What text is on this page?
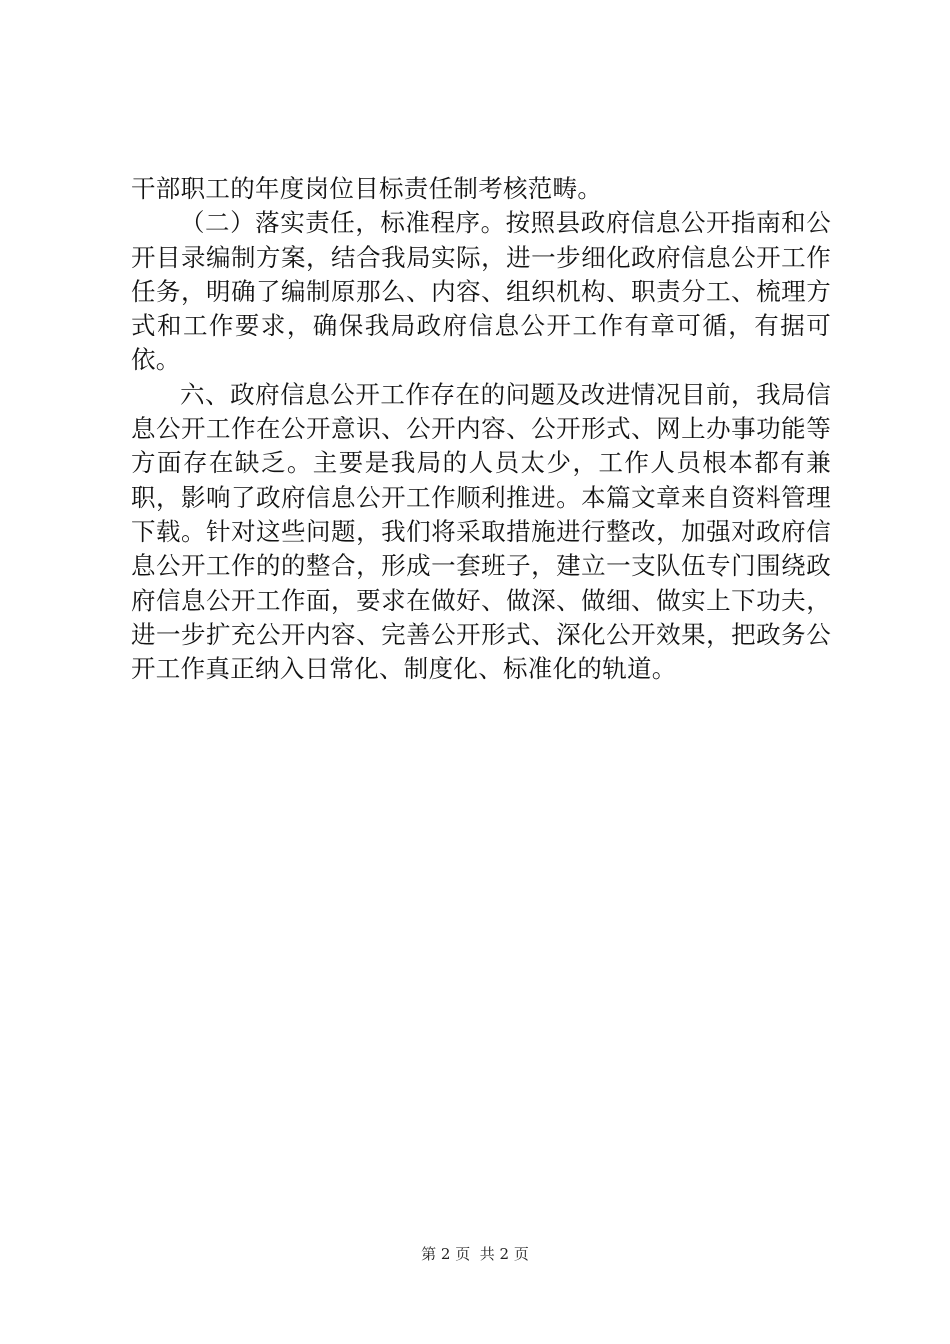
干部职工的年度岗位目标责任制考核范畴。

（二）落实责任，标准程序。按照县政府信息公开指南和公开目录编制方案，结合我局实际，进一步细化政府信息公开工作任务，明确了编制原那么、内容、组织机构、职责分工、梳理方式和工作要求，确保我局政府信息公开工作有章可循，有据可依。

六、政府信息公开工作存在的问题及改进情况目前，我局信息公开工作在公开意识、公开内容、公开形式、网上办事功能等方面存在缺乏。主要是我局的人员太少，工作人员根本都有兼职，影响了政府信息公开工作顺利推进。本篇文章来自资料管理下载。针对这些问题，我们将采取措施进行整改，加强对政府信息公开工作的的整合，形成一套班子，建立一支队伍专门围绕政府信息公开工作面，要求在做好、做深、做细、做实上下功夫，进一步扩充公开内容、完善公开形式、深化公开效果，把政务公开工作真正纳入日常化、制度化、标准化的轨道。

第 2 页  共 2 页
